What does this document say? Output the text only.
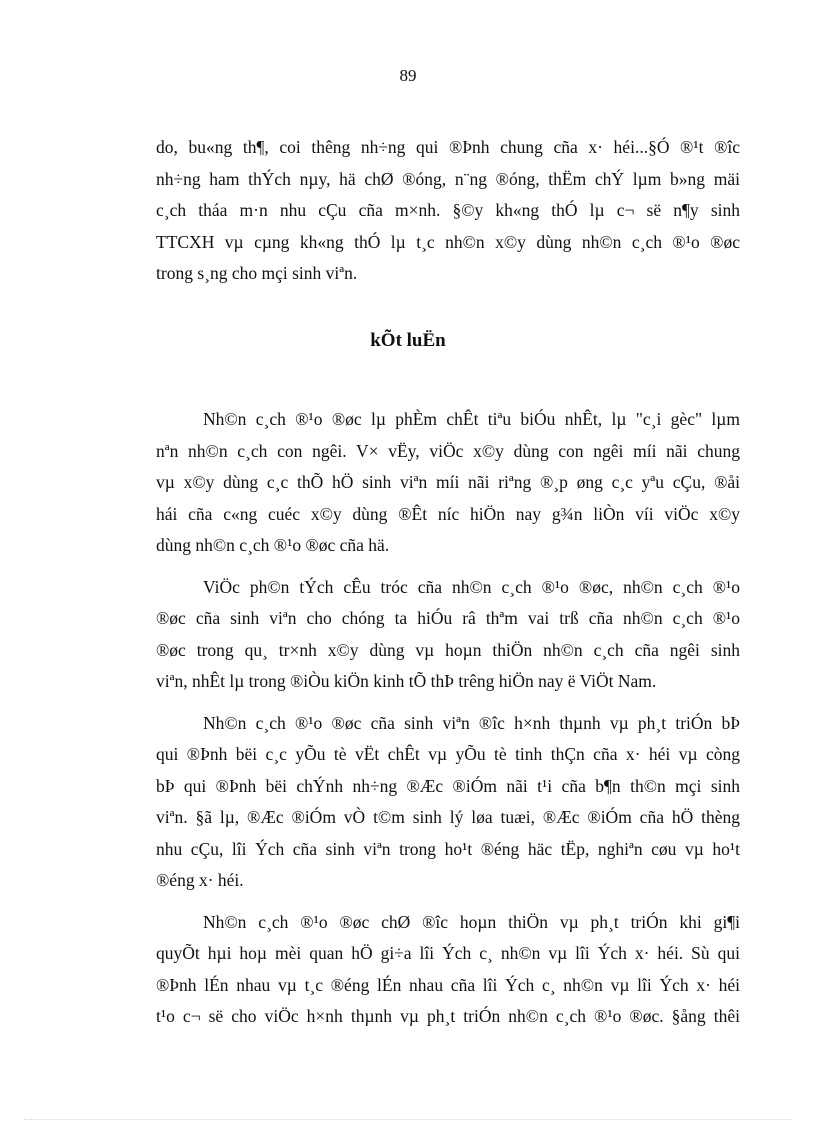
89
do, bu«ng th¶, coi thêng nh÷ng qui ®Þnh chung cña x· héi...§Ó ®¹t ®îc
nh÷ng ham thÝch nµy, hä chØ ®óng, n¨ng ®óng, thËm chÝ lµm b»ng mäi
c¸ch tháa m·n nhu cÇu cña m×nh. §©y kh«ng thÓ lµ c¬ së n¶y sinh
TTCXH vµ cµng kh«ng thÓ lµ t¸c nh©n x©y dùng nh©n c¸ch ®¹o ®øc
trong s¸ng cho mçi sinh viªn.
kÕt luËn
Nh©n c¸ch ®¹o ®øc lµ phÈm chÊt tiªu biÓu nhÊt, lµ "c¸i gèc" lµm
nªn nh©n c¸ch con ngêi. V× vËy, viÖc x©y dùng con ngêi míi nãi chung
vµ x©y dùng c¸c thÕ hÖ sinh viªn míi nãi riªng ®¸p øng c¸c yªu cÇu, ®åi
hái cña c«ng cuéc x©y dùng ®Êt níc hiÖn nay g¾n liÒn víi viÖc x©y
dùng nh©n c¸ch ®¹o ®øc cña hä.
ViÖc ph©n tÝch cÊu tróc cña nh©n c¸ch ®¹o ®øc, nh©n c¸ch ®¹o
®øc cña sinh viªn cho chóng ta hiÓu râ thªm vai trß cña nh©n c¸ch ®¹o
®øc trong qu¸ tr×nh x©y dùng vµ hoµn thiÖn nh©n c¸ch cña ngêi sinh
viªn, nhÊt lµ trong ®iÒu kiÖn kinh tÕ thÞ trêng hiÖn nay ë ViÖt Nam.
Nh©n c¸ch ®¹o ®øc cña sinh viªn ®îc h×nh thµnh vµ ph¸t triÓn bÞ
qui ®Þnh bëi c¸c yÕu tè vËt chÊt vµ yÕu tè tinh thÇn cña x· héi vµ còng
bÞ qui ®Þnh bëi chÝnh nh÷ng ®Æc ®iÓm nãi t¹i cña b¶n th©n mçi sinh
viªn. §ã lµ, ®Æc ®iÓm vÒ t©m sinh lý løa tuæi, ®Æc ®iÓm cña hÖ thèng
nhu cÇu, lîi Ých cña sinh viªn trong ho¹t ®éng häc tËp, nghiªn cøu vµ ho¹t
®éng x· héi.
Nh©n c¸ch ®¹o ®øc chØ ®îc hoµn thiÖn vµ ph¸t triÓn khi gi¶i
quyÕt hµi hoµ mèi quan hÖ gi÷a lîi Ých c¸ nh©n vµ lîi Ých x· héi. Sù qui
®Þnh lÉn nhau vµ t¸c ®éng lÉn nhau cña lîi Ých c¸ nh©n vµ lîi Ých x· héi
t¹o c¬ së cho viÖc h×nh thµnh vµ ph¸t triÓn nh©n c¸ch ®¹o ®øc. §ång thêi
